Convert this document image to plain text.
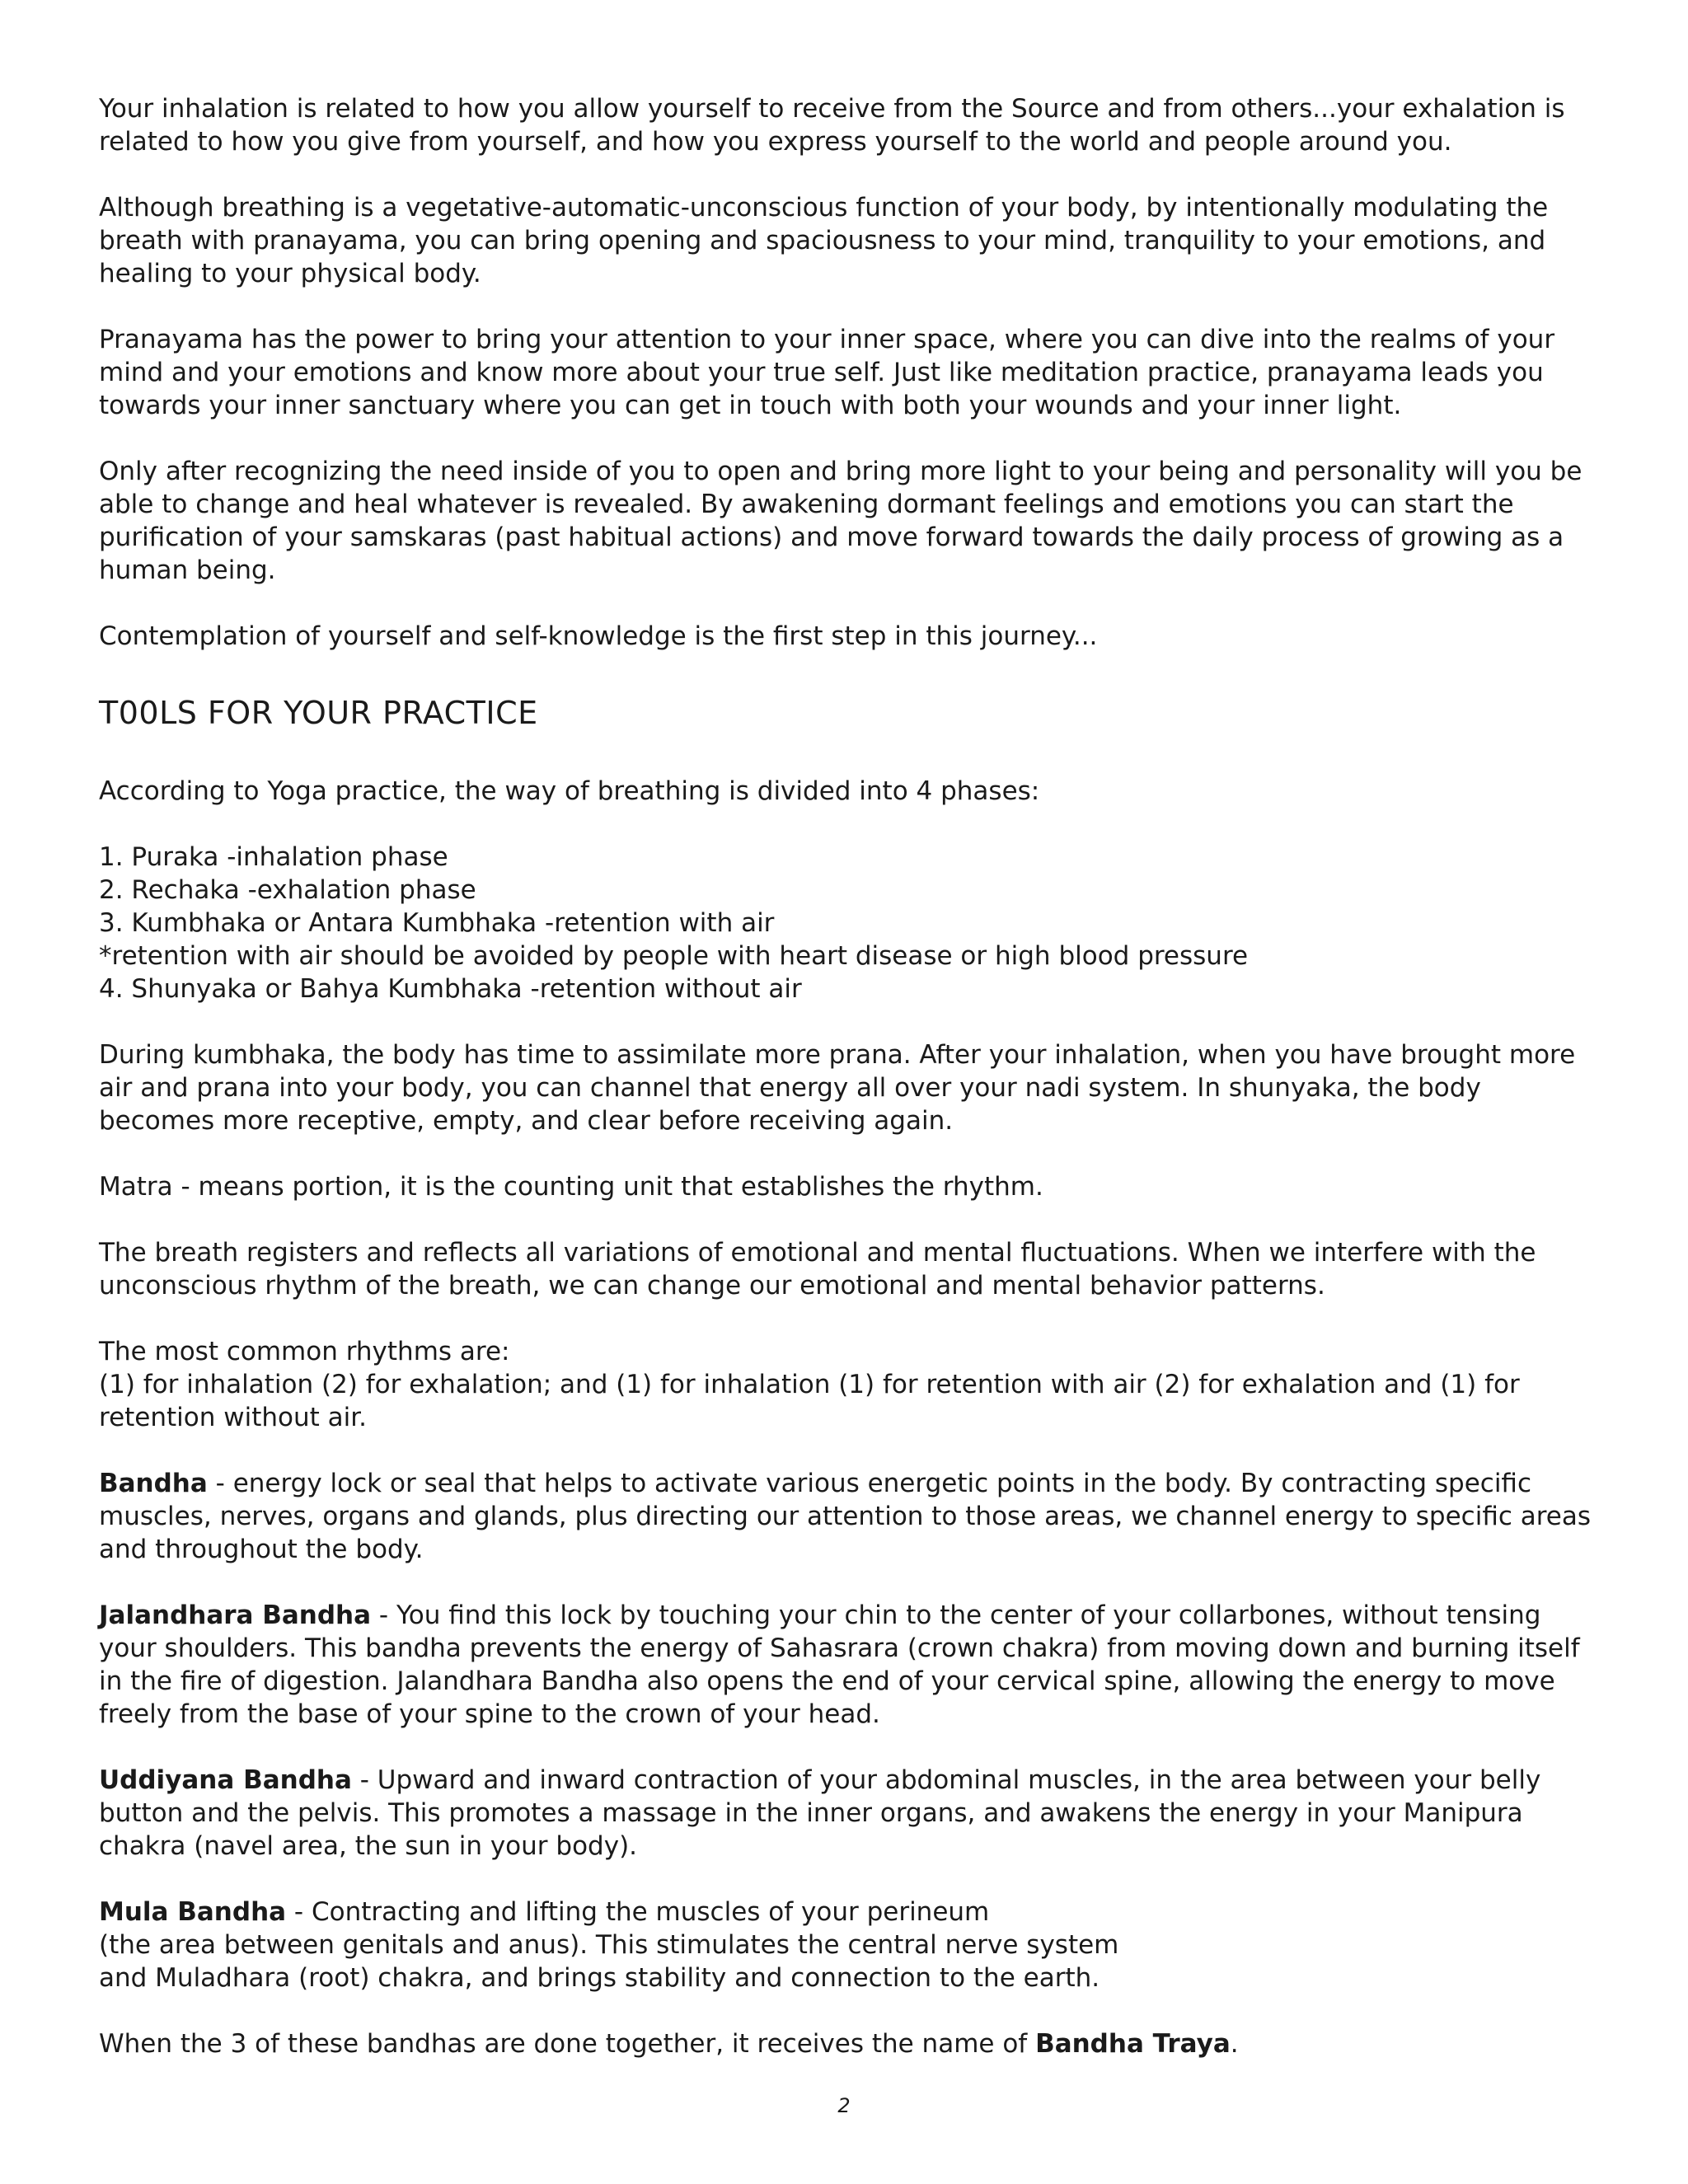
Your inhalation is related to how you allow yourself to receive from the Source and from others...your exhalation is related to how you give from yourself, and how you express yourself to the world and people around you.

Although breathing is a vegetative-automatic-unconscious function of your body, by intentionally modulating the breath with pranayama, you can bring opening and spaciousness to your mind, tranquility to your emotions, and healing to your physical body.

Pranayama has the power to bring your attention to your inner space, where you can dive into the realms of your mind and your emotions and know more about your true self. Just like meditation practice, pranayama leads you towards your inner sanctuary where you can get in touch with both your wounds and your inner light.

Only after recognizing the need inside of you to open and bring more light to your being and personality will you be able to change and heal whatever is revealed. By awakening dormant feelings and emotions you can start the purification of your samskaras (past habitual actions) and move forward towards the daily process of growing as a human being.

Contemplation of yourself and self-knowledge is the first step in this journey...

T00LS FOR YOUR PRACTICE

According to Yoga practice, the way of breathing is divided into 4 phases:

1. Puraka -inhalation phase
2. Rechaka -exhalation phase
3. Kumbhaka or Antara Kumbhaka -retention with air
*retention with air should be avoided by people with heart disease or high blood pressure
4. Shunyaka or Bahya Kumbhaka -retention without air

During kumbhaka, the body has time to assimilate more prana. After your inhalation, when you have brought more air and prana into your body, you can channel that energy all over your nadi system. In shunyaka, the body becomes more receptive, empty, and clear before receiving again.

Matra - means portion, it is the counting unit that establishes the rhythm.

The breath registers and reflects all variations of emotional and mental fluctuations. When we interfere with the unconscious rhythm of the breath, we can change our emotional and mental behavior patterns.

The most common rhythms are:

(1) for inhalation (2) for exhalation; and (1) for inhalation (1) for retention with air (2) for exhalation and (1) for retention without air.

Bandha - energy lock or seal that helps to activate various energetic points in the body. By contracting specific muscles, nerves, organs and glands, plus directing our attention to those areas, we channel energy to specific areas and throughout the body.

Jalandhara Bandha - You find this lock by touching your chin to the center of your collarbones, without tensing your shoulders. This bandha prevents the energy of Sahasrara (crown chakra) from moving down and burning itself in the fire of digestion. Jalandhara Bandha also opens the end of your cervical spine, allowing the energy to move freely from the base of your spine to the crown of your head.

Uddiyana Bandha - Upward and inward contraction of your abdominal muscles, in the area between your belly button and the pelvis. This promotes a massage in the inner organs, and awakens the energy in your Manipura chakra (navel area, the sun in your body).

Mula Bandha - Contracting and lifting the muscles of your perineum
(the area between genitals and anus). This stimulates the central nerve system
and Muladhara (root) chakra, and brings stability and connection to the earth.

When the 3 of these bandhas are done together, it receives the name of Bandha Traya.

2
